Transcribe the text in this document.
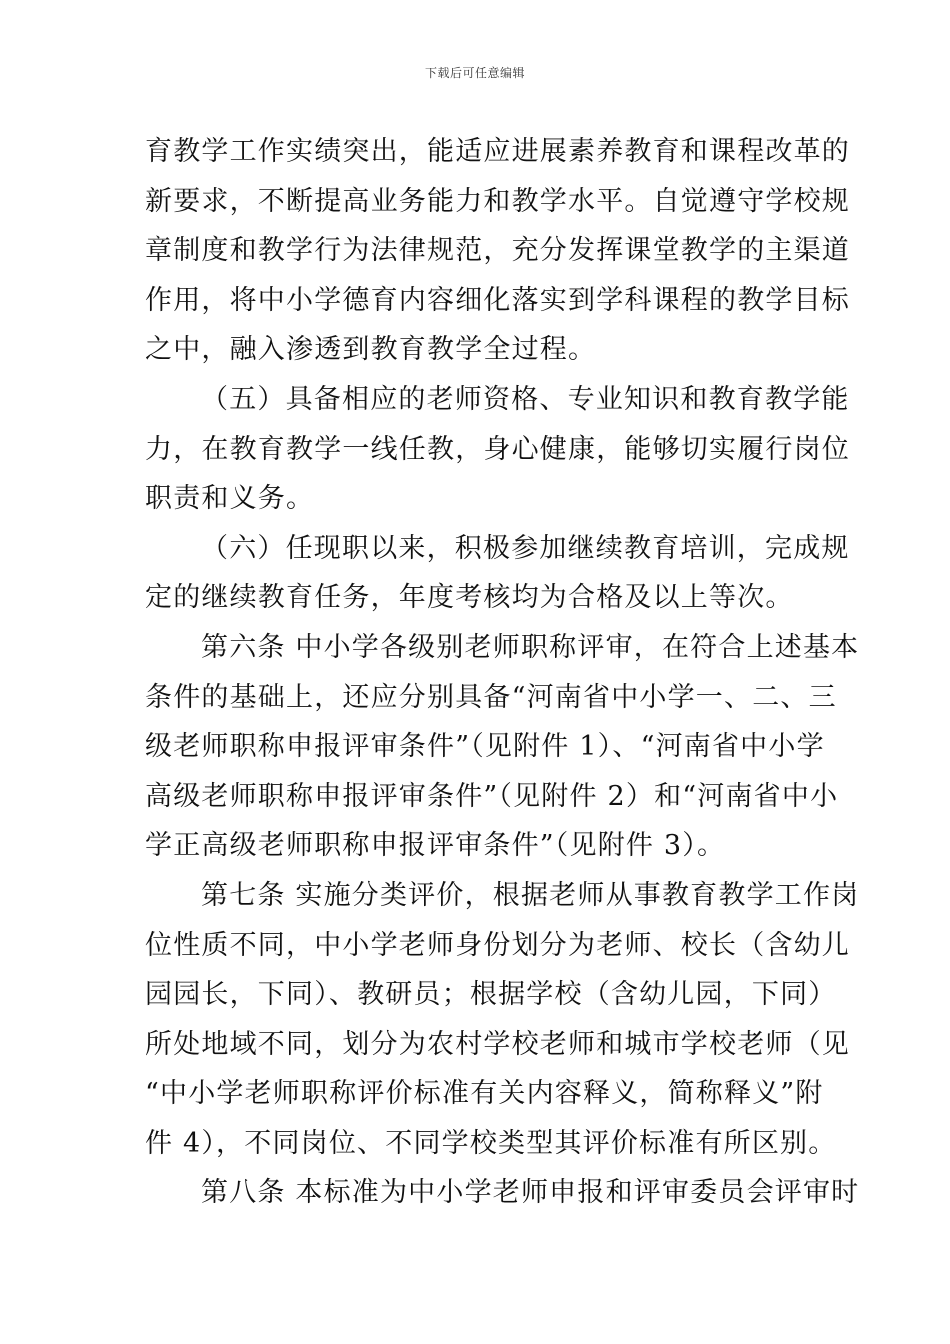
下载后可任意编辑

育教学工作实绩突出，能适应进展素养教育和课程改革的
新要求，不断提高业务能力和教学水平。自觉遵守学校规
章制度和教学行为法律规范，充分发挥课堂教学的主渠道
作用，将中小学德育内容细化落实到学科课程的教学目标
之中，融入渗透到教育教学全过程。

（五）具备相应的老师资格、专业知识和教育教学能
力，在教育教学一线任教，身心健康，能够切实履行岗位
职责和义务。

（六）任现职以来，积极参加继续教育培训，完成规
定的继续教育任务，年度考核均为合格及以上等次。

第六条 中小学各级别老师职称评审，在符合上述基本
条件的基础上，还应分别具备“河南省中小学一、二、三
级老师职称申报评审条件”（见附件 1）、“河南省中小学
高级老师职称申报评审条件”（见附件 2）和“河南省中小
学正高级老师职称申报评审条件”（见附件 3）。

第七条 实施分类评价，根据老师从事教育教学工作岗
位性质不同，中小学老师身份划分为老师、校长（含幼儿
园园长，下同）、教研员；根据学校（含幼儿园，下同）
所处地域不同，划分为农村学校老师和城市学校老师（见
“中小学老师职称评价标准有关内容释义，简称释义”附
件 4），不同岗位、不同学校类型其评价标准有所区别。

第八条 本标准为中小学老师申报和评审委员会评审时
